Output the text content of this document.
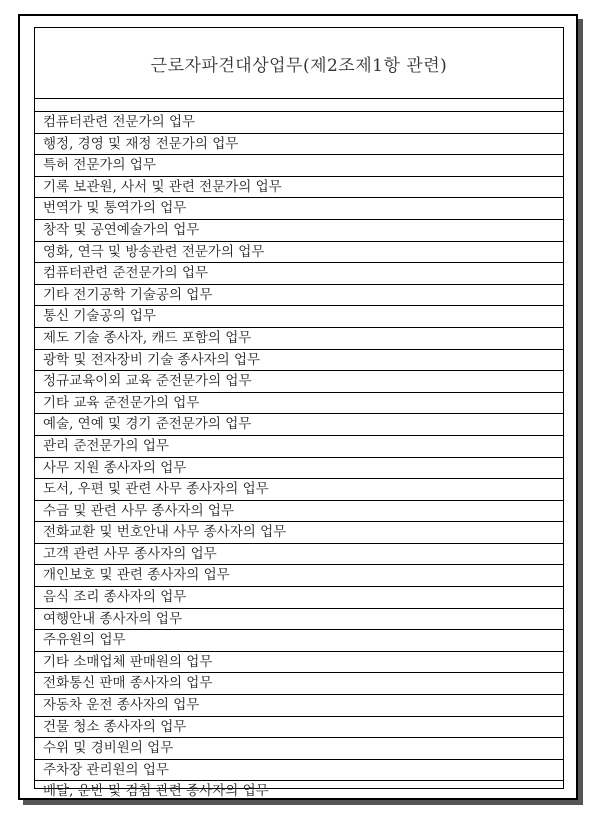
근로자파견대상업무(제2조제1항 관련)
컴퓨터관련 전문가의 업무
행정, 경영 및 재정 전문가의 업무
특허 전문가의 업무
기록 보관원, 사서 및 관련 전문가의 업무
번역가 및 통역가의 업무
창작 및 공연예술가의 업무
영화, 연극 및 방송관련 전문가의 업무
컴퓨터관련 준전문가의 업무
기타 전기공학 기술공의 업무
통신 기술공의 업무
제도 기술 종사자, 캐드 포함의 업무
광학 및 전자장비 기술 종사자의 업무
정규교육이외 교육 준전문가의 업무
기타 교육 준전문가의 업무
예술, 연예 및 경기 준전문가의 업무
관리 준전문가의 업무
사무 지원 종사자의 업무
도서, 우편 및 관련 사무 종사자의 업무
수금 및 관련 사무 종사자의 업무
전화교환 및 번호안내 사무 종사자의 업무
고객 관련 사무 종사자의 업무
개인보호 및 관련 종사자의 업무
음식 조리 종사자의 업무
여행안내 종사자의 업무
주유원의 업무
기타 소매업체 판매원의 업무
전화통신 판매 종사자의 업무
자동차 운전 종사자의 업무
건물 청소 종사자의 업무
수위 및 경비원의 업무
주차장 관리원의 업무
배달, 운반 및 검침 관련 종사자의 업무
